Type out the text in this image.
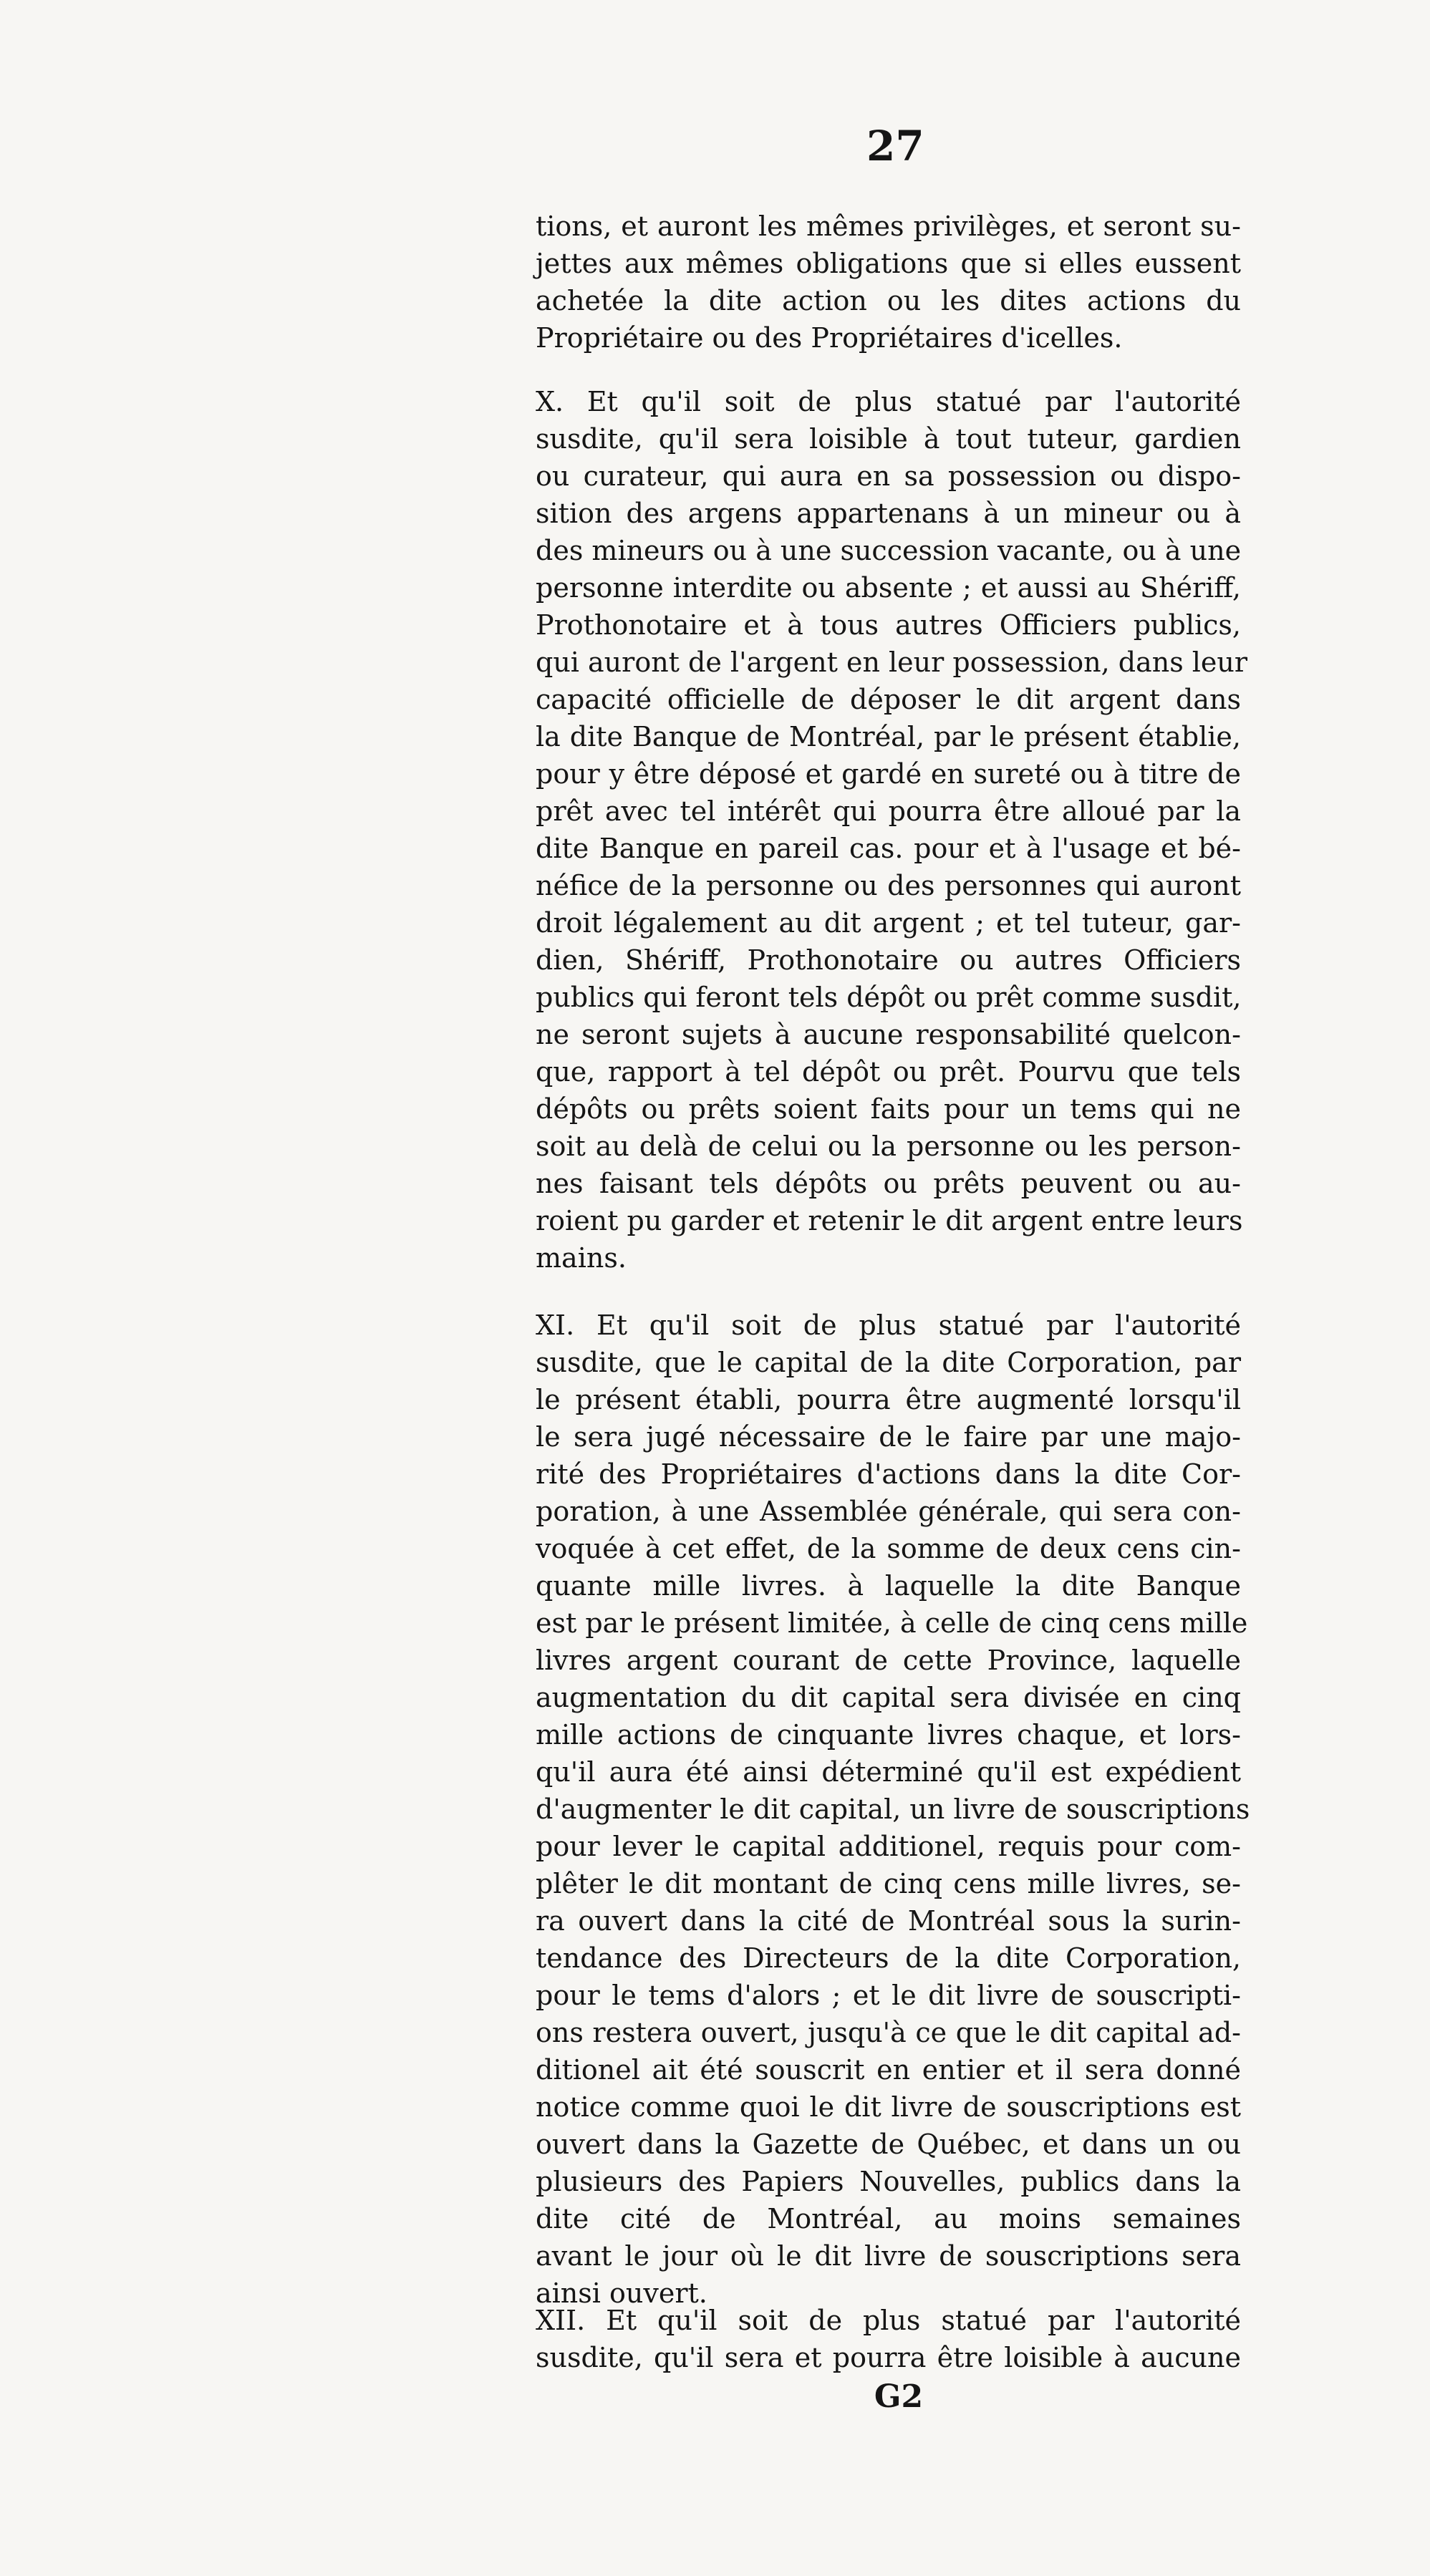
27
tions, et auront les mêmes privilèges, et seront su-
jettes aux mêmes obligations que si elles eussent
achetée la dite action ou les dites actions du
Propriétaire ou des Propriétaires d'icelles.
X. Et qu'il soit de plus statué par l'autorité
susdite, qu'il sera loisible à tout tuteur, gardien
ou curateur, qui aura en sa possession ou dispo-
sition des argens appartenans à un mineur ou à
des mineurs ou à une succession vacante, ou à une
personne interdite ou absente ; et aussi au Shériff,
Prothonotaire et à tous autres Officiers publics,
qui auront de l'argent en leur possession, dans leur
capacité officielle de déposer le dit argent dans
la dite Banque de Montréal, par le présent établie,
pour y être déposé et gardé en sureté ou à titre de
prêt avec tel intérêt qui pourra être alloué par la
dite Banque en pareil cas. pour et à l'usage et bé-
néfice de la personne ou des personnes qui auront
droit légalement au dit argent ; et tel tuteur, gar-
dien, Shériff, Prothonotaire ou autres Officiers
publics qui feront tels dépôt ou prêt comme susdit,
ne seront sujets à aucune responsabilité quelcon-
que, rapport à tel dépôt ou prêt. Pourvu que tels
dépôts ou prêts soient faits pour un tems qui ne
soit au delà de celui ou la personne ou les person-
nes faisant tels dépôts ou prêts peuvent ou au-
roient pu garder et retenir le dit argent entre leurs
mains.
XI. Et qu'il soit de plus statué par l'autorité
susdite, que le capital de la dite Corporation, par
le présent établi, pourra être augmenté lorsqu'il
le sera jugé nécessaire de le faire par une majo-
rité des Propriétaires d'actions dans la dite Cor-
poration, à une Assemblée générale, qui sera con-
voquée à cet effet, de la somme de deux cens cin-
quante mille livres. à laquelle la dite Banque
est par le présent limitée, à celle de cinq cens mille
livres argent courant de cette Province, laquelle
augmentation du dit capital sera divisée en cinq
mille actions de cinquante livres chaque, et lors-
qu'il aura été ainsi déterminé qu'il est expédient
d'augmenter le dit capital, un livre de souscriptions
pour lever le capital additionel, requis pour com-
plêter le dit montant de cinq cens mille livres, se-
ra ouvert dans la cité de Montréal sous la surin-
tendance des Directeurs de la dite Corporation,
pour le tems d'alors ; et le dit livre de souscripti-
ons restera ouvert, jusqu'à ce que le dit capital ad-
ditionel ait été souscrit en entier et il sera donné
notice comme quoi le dit livre de souscriptions est
ouvert dans la Gazette de Québec, et dans un ou
plusieurs des Papiers Nouvelles, publics dans la
dite cité de Montréal, au moins semaines
avant le jour où le dit livre de souscriptions sera
ainsi ouvert.
XII. Et qu'il soit de plus statué par l'autorité
susdite, qu'il sera et pourra être loisible à aucune
G2
